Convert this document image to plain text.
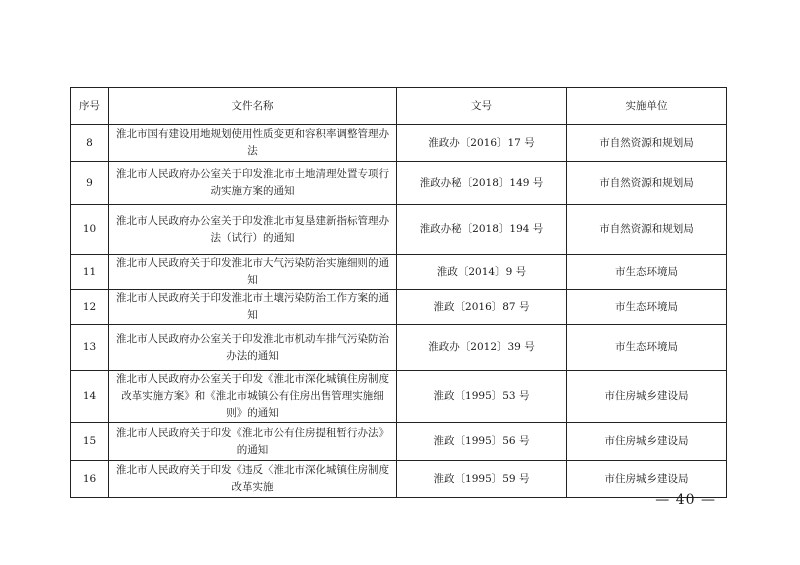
序号	文件名称	文号	实施单位
8	淮北市国有建设用地规划使用性质变更和容积率调整管理办法	淮政办〔2016〕17 号	市自然资源和规划局
9	淮北市人民政府办公室关于印发淮北市土地清理处置专项行动实施方案的通知	淮政办秘〔2018〕149 号	市自然资源和规划局
10	淮北市人民政府办公室关于印发淮北市复垦建新指标管理办法（试行）的通知	淮政办秘〔2018〕194 号	市自然资源和规划局
11	淮北市人民政府关于印发淮北市大气污染防治实施细则的通知	淮政〔2014〕9 号	市生态环境局
12	淮北市人民政府关于印发淮北市土壤污染防治工作方案的通知	淮政〔2016〕87 号	市生态环境局
13	淮北市人民政府办公室关于印发淮北市机动车排气污染防治办法的通知	淮政办〔2012〕39 号	市生态环境局
14	淮北市人民政府办公室关于印发《淮北市深化城镇住房制度改革实施方案》和《淮北市城镇公有住房出售管理实施细则》的通知	淮政〔1995〕53 号	市住房城乡建设局
15	淮北市人民政府关于印发《淮北市公有住房提租暂行办法》的通知	淮政〔1995〕56 号	市住房城乡建设局
16	淮北市人民政府关于印发《违反〈淮北市深化城镇住房制度改革实施	淮政〔1995〕59 号	市住房城乡建设局
— 40 —
